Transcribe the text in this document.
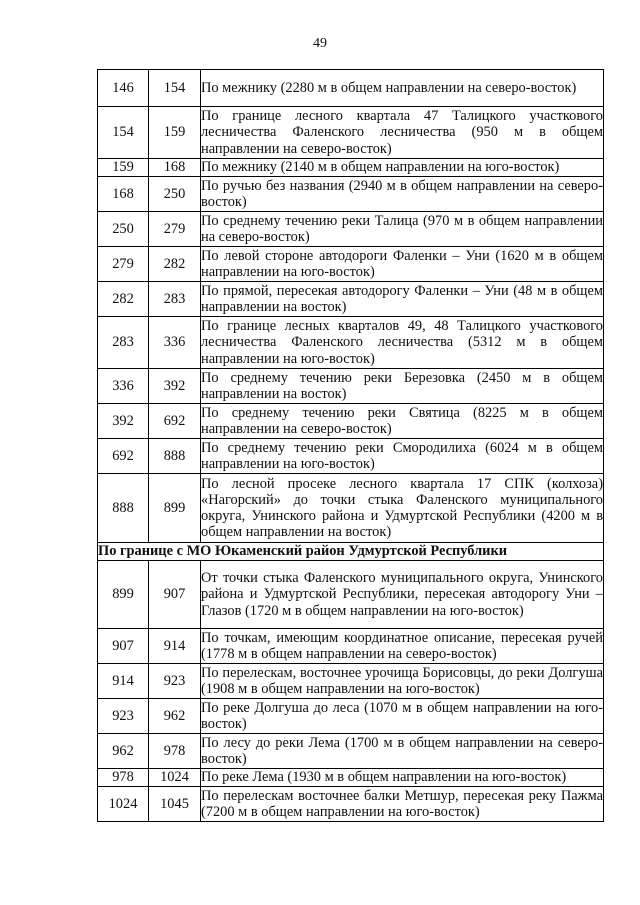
49
146	154	По межнику (2280 м в общем направлении на северо-восток)
154	159	По границе лесного квартала 47 Талицкого участкового лесничества Фаленского лесничества (950 м в общем направлении на северо-восток)
159	168	По межнику (2140 м в общем направлении на юго-восток)
168	250	По ручью без названия (2940 м в общем направлении на северо-восток)
250	279	По среднему течению реки Талица (970 м в общем направлении на северо-восток)
279	282	По левой стороне автодороги Фаленки – Уни (1620 м в общем направлении на юго-восток)
282	283	По прямой, пересекая автодорогу Фаленки – Уни (48 м в общем направлении на восток)
283	336	По границе лесных кварталов 49, 48 Талицкого участкового лесничества Фаленского лесничества (5312 м в общем направлении на юго-восток)
336	392	По среднему течению реки Березовка (2450 м в общем направлении на восток)
392	692	По среднему течению реки Святица (8225 м в общем направлении на северо-восток)
692	888	По среднему течению реки Смородилиха (6024 м в общем направлении на юго-восток)
888	899	По лесной просеке лесного квартала 17 СПК (колхоза) «Нагорский» до точки стыка Фаленского муниципального округа, Унинского района и Удмуртской Республики (4200 м в общем направлении на восток)
По границе с МО Юкаменский район Удмуртской Республики		
899	907	От точки стыка Фаленского муниципального округа, Унинского района и Удмуртской Республики, пересекая автодорогу Уни – Глазов (1720 м в общем направлении на юго-восток)
907	914	По точкам, имеющим координатное описание, пересекая ручей (1778 м в общем направлении на северо-восток)
914	923	По перелескам, восточнее урочища Борисовцы, до реки Долгуша (1908 м в общем направлении на юго-восток)
923	962	По реке Долгуша до леса (1070 м в общем направлении на юго-восток)
962	978	По лесу до реки Лема (1700 м в общем направлении на северо-восток)
978	1024	По реке Лема (1930 м в общем направлении на юго-восток)
1024	1045	По перелескам восточнее балки Метшур, пересекая реку Пажма (7200 м в общем направлении на юго-восток)
